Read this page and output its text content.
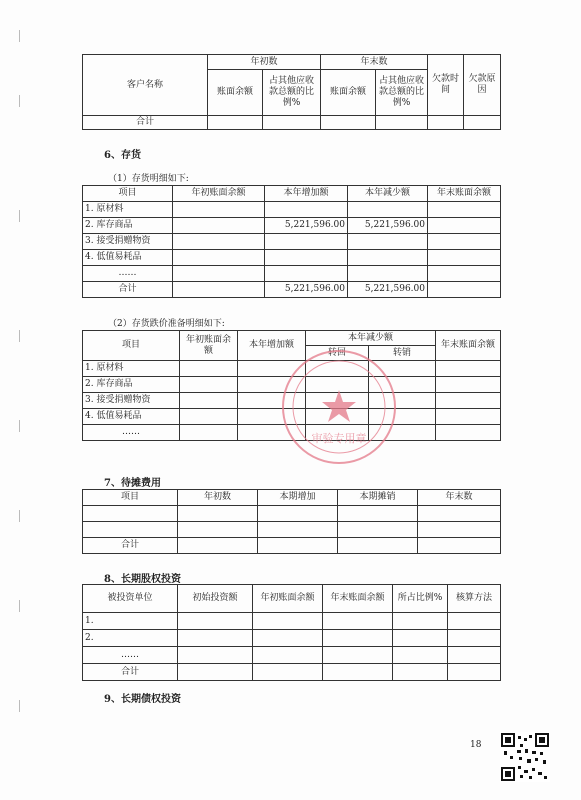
客户名称	年初数		年末数		欠款时间	欠款原因
	账面余额	占其他应收款总额的比例%	账面余额	占其他应收款总额的比例%		
合计						
6、存货
（1）存货明细如下:
项目	年初账面余额	本年增加额	本年减少额	年末账面余额
1. 原材料				
2. 库存商品		5,221,596.00	5,221,596.00	
3. 接受捐赠物资				
4. 低值易耗品				
……				
合计		5,221,596.00	5,221,596.00	
（2）存货跌价准备明细如下:
项目	年初账面余额	本年增加额	本年减少额		年末账面余额
			转回	转销	
1. 原材料					
2. 库存商品					
3. 接受捐赠物资					
4. 低值易耗品					
……						审验专用章
7、待摊费用
项目	年初数	本期增加	本期摊销	年末数

合计				
8、长期股权投资
被投资单位	初始投资额	年初账面余额	年末账面余额	所占比例%	核算方法
1.					
2.					
……					
合计					
9、长期债权投资
18
